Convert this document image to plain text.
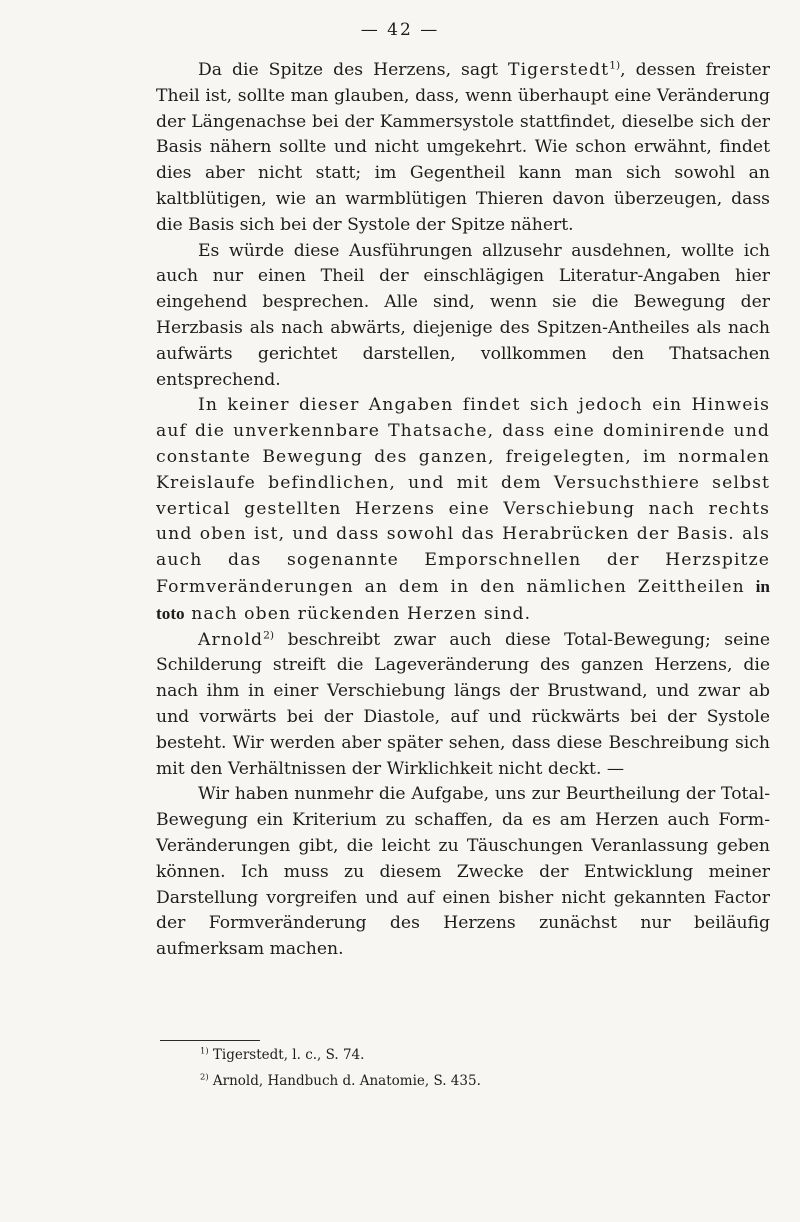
— 42 —

Da die Spitze des Herzens, sagt Tigerstedt$^{1)}$, dessen freister Theil ist, sollte man glauben, dass, wenn überhaupt eine Veränderung der Längenachse bei der Kammersystole stattfindet, dieselbe sich der Basis nähern sollte und nicht umgekehrt. Wie schon erwähnt, findet dies aber nicht statt; im Gegentheil kann man sich sowohl an kaltblütigen, wie an warmblütigen Thieren davon überzeugen, dass die Basis sich bei der Systole der Spitze nähert.

Es würde diese Ausführungen allzusehr ausdehnen, wollte ich auch nur einen Theil der einschlägigen Literatur-Angaben hier eingehend besprechen. Alle sind, wenn sie die Bewegung der Herzbasis als nach abwärts, diejenige des Spitzen-Antheiles als nach aufwärts gerichtet darstellen, vollkommen den Thatsachen entsprechend.

In keiner dieser Angaben findet sich jedoch ein Hinweis auf die unverkennbare Thatsache, dass eine dominirende und constante Bewegung des ganzen, freigelegten, im normalen Kreislaufe befindlichen, und mit dem Versuchsthiere selbst vertical gestellten Herzens eine Verschiebung nach rechts und oben ist, und dass sowohl das Herabrücken der Basis. als auch das sogenannte Emporschnellen der Herzspitze Formveränderungen an dem in den nämlichen Zeittheilen in toto nach oben rückenden Herzen sind.

Arnold$^{2)}$ beschreibt zwar auch diese Total-Bewegung; seine Schilderung streift die Lageveränderung des ganzen Herzens, die nach ihm in einer Verschiebung längs der Brustwand, und zwar ab und vorwärts bei der Diastole, auf und rückwärts bei der Systole besteht. Wir werden aber später sehen, dass diese Beschreibung sich mit den Verhältnissen der Wirklichkeit nicht deckt. —

Wir haben nunmehr die Aufgabe, uns zur Beurtheilung der Total-Bewegung ein Kriterium zu schaffen, da es am Herzen auch Form-Veränderungen gibt, die leicht zu Täuschungen Veranlassung geben können. Ich muss zu diesem Zwecke der Entwicklung meiner Darstellung vorgreifen und auf einen bisher nicht gekannten Factor der Formveränderung des Herzens zunächst nur beiläufig aufmerksam machen.

$^{1)}$ Tigerstedt, l. c., S. 74.

$^{2)}$ Arnold, Handbuch d. Anatomie, S. 435.
